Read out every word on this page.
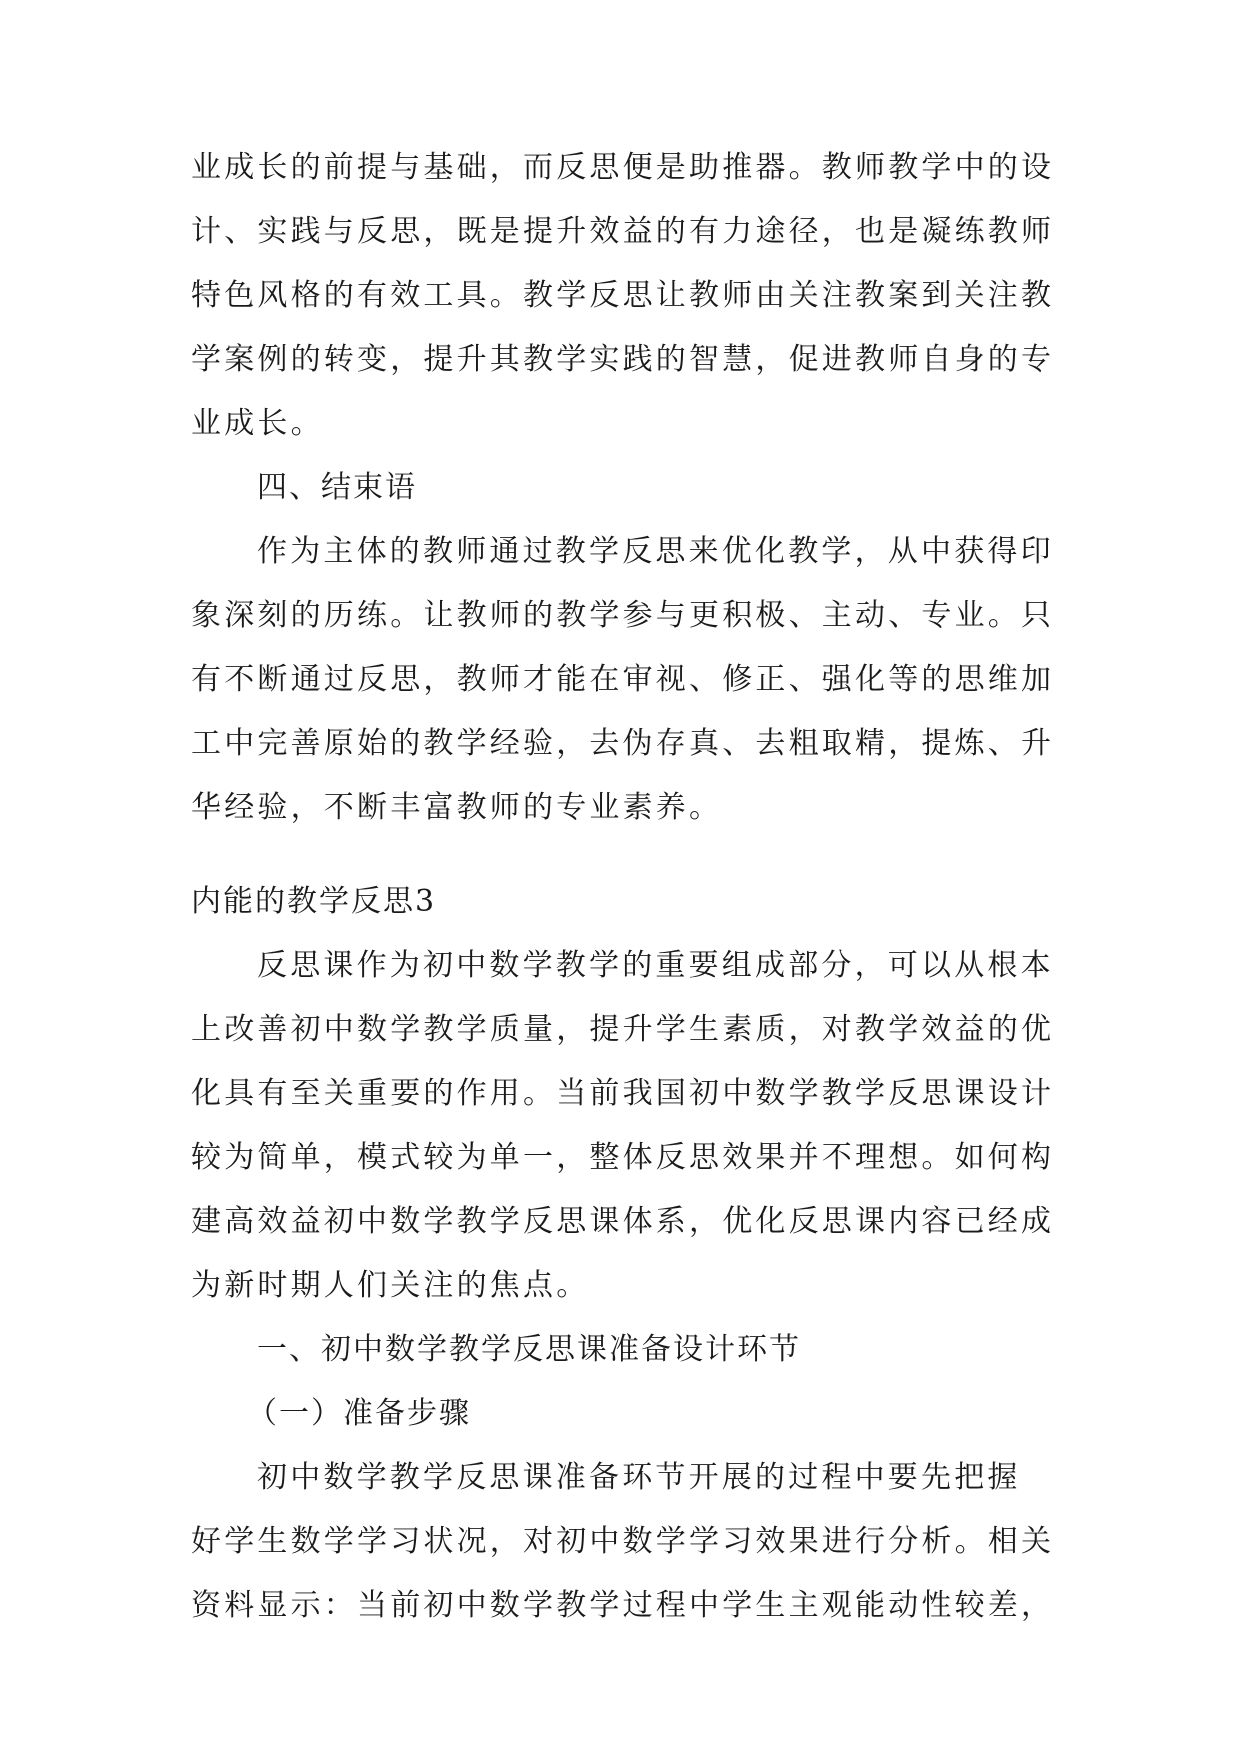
业成长的前提与基础，而反思便是助推器。教师教学中的设
计、实践与反思，既是提升效益的有力途径，也是凝练教师
特色风格的有效工具。教学反思让教师由关注教案到关注教
学案例的转变，提升其教学实践的智慧，促进教师自身的专
业成长。
四、结束语
作为主体的教师通过教学反思来优化教学，从中获得印
象深刻的历练。让教师的教学参与更积极、主动、专业。只
有不断通过反思，教师才能在审视、修正、强化等的思维加
工中完善原始的教学经验，去伪存真、去粗取精，提炼、升
华经验，不断丰富教师的专业素养。
内能的教学反思3
反思课作为初中数学教学的重要组成部分，可以从根本
上改善初中数学教学质量，提升学生素质，对教学效益的优
化具有至关重要的作用。当前我国初中数学教学反思课设计
较为简单，模式较为单一，整体反思效果并不理想。如何构
建高效益初中数学教学反思课体系，优化反思课内容已经成
为新时期人们关注的焦点。
一、初中数学教学反思课准备设计环节
（一）准备步骤
初中数学教学反思课准备环节开展的过程中要先把握
好学生数学学习状况，对初中数学学习效果进行分析。相关
资料显示：当前初中数学教学过程中学生主观能动性较差，
